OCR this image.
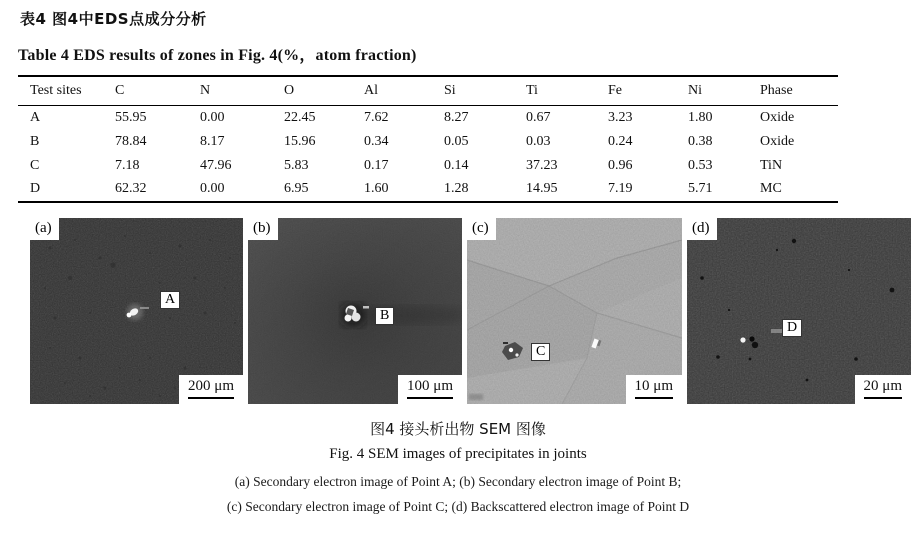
表4 图4中EDS点成分分析
Table 4 EDS results of zones in Fig. 4(%，atom fraction)
Test sites	C	N	O	Al	Si	Ti	Fe	Ni	Phase
A	55.95	0.00	22.45	7.62	8.27	0.67	3.23	1.80	Oxide
B	78.84	8.17	15.96	0.34	0.05	0.03	0.24	0.38	Oxide
C	7.18	47.96	5.83	0.17	0.14	37.23	0.96	0.53	TiN
D	62.32	0.00	6.95	1.60	1.28	14.95	7.19	5.71	MC
(a)
A
200 μm
(b)
B
100 μm
(c)
C
10 μm
(d)
D
20 μm
图4 接头析出物 SEM 图像
Fig. 4 SEM images of precipitates in joints
(a) Secondary electron image of Point A; (b) Secondary electron image of Point B;
(c) Secondary electron image of Point C; (d) Backscattered electron image of Point D
